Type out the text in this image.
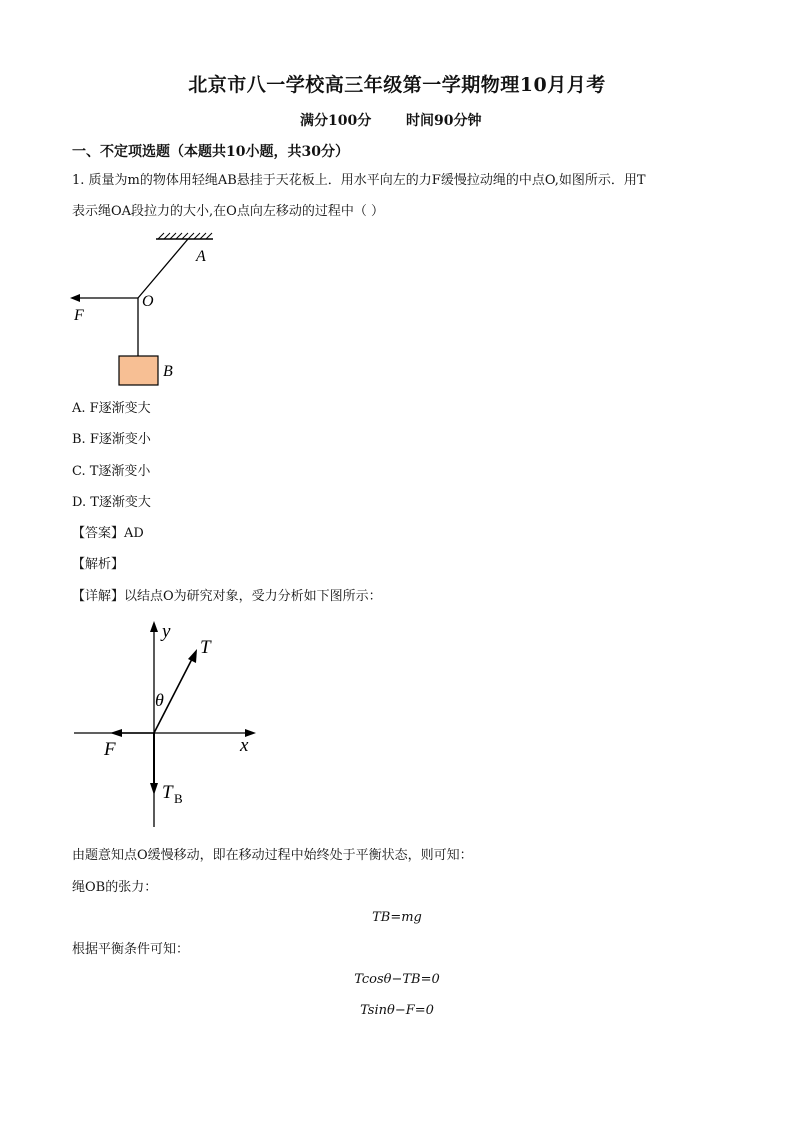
北京市八一学校高三年级第一学期物理10月月考
满分100分 时间90分钟
一、不定项选题（本题共10小题，共30分）
1. 质量为m的物体用轻绳AB悬挂于天花板上．用水平向左的力F缓慢拉动绳的中点O,如图所示．用T
表示绳OA段拉力的大小,在O点向左移动的过程中（ ）
A
O
F
B
A. F逐渐变大
B. F逐渐变小
C. T逐渐变小
D. T逐渐变大
【答案】AD
【解析】
【详解】以结点O为研究对象，受力分析如下图所示：
y
T
θ
x
F
T B
由题意知点O缓慢移动，即在移动过程中始终处于平衡状态，则可知：
绳OB的张力：
TB=mg
根据平衡条件可知：
Tcosθ−TB=0
Tsinθ−F=0
